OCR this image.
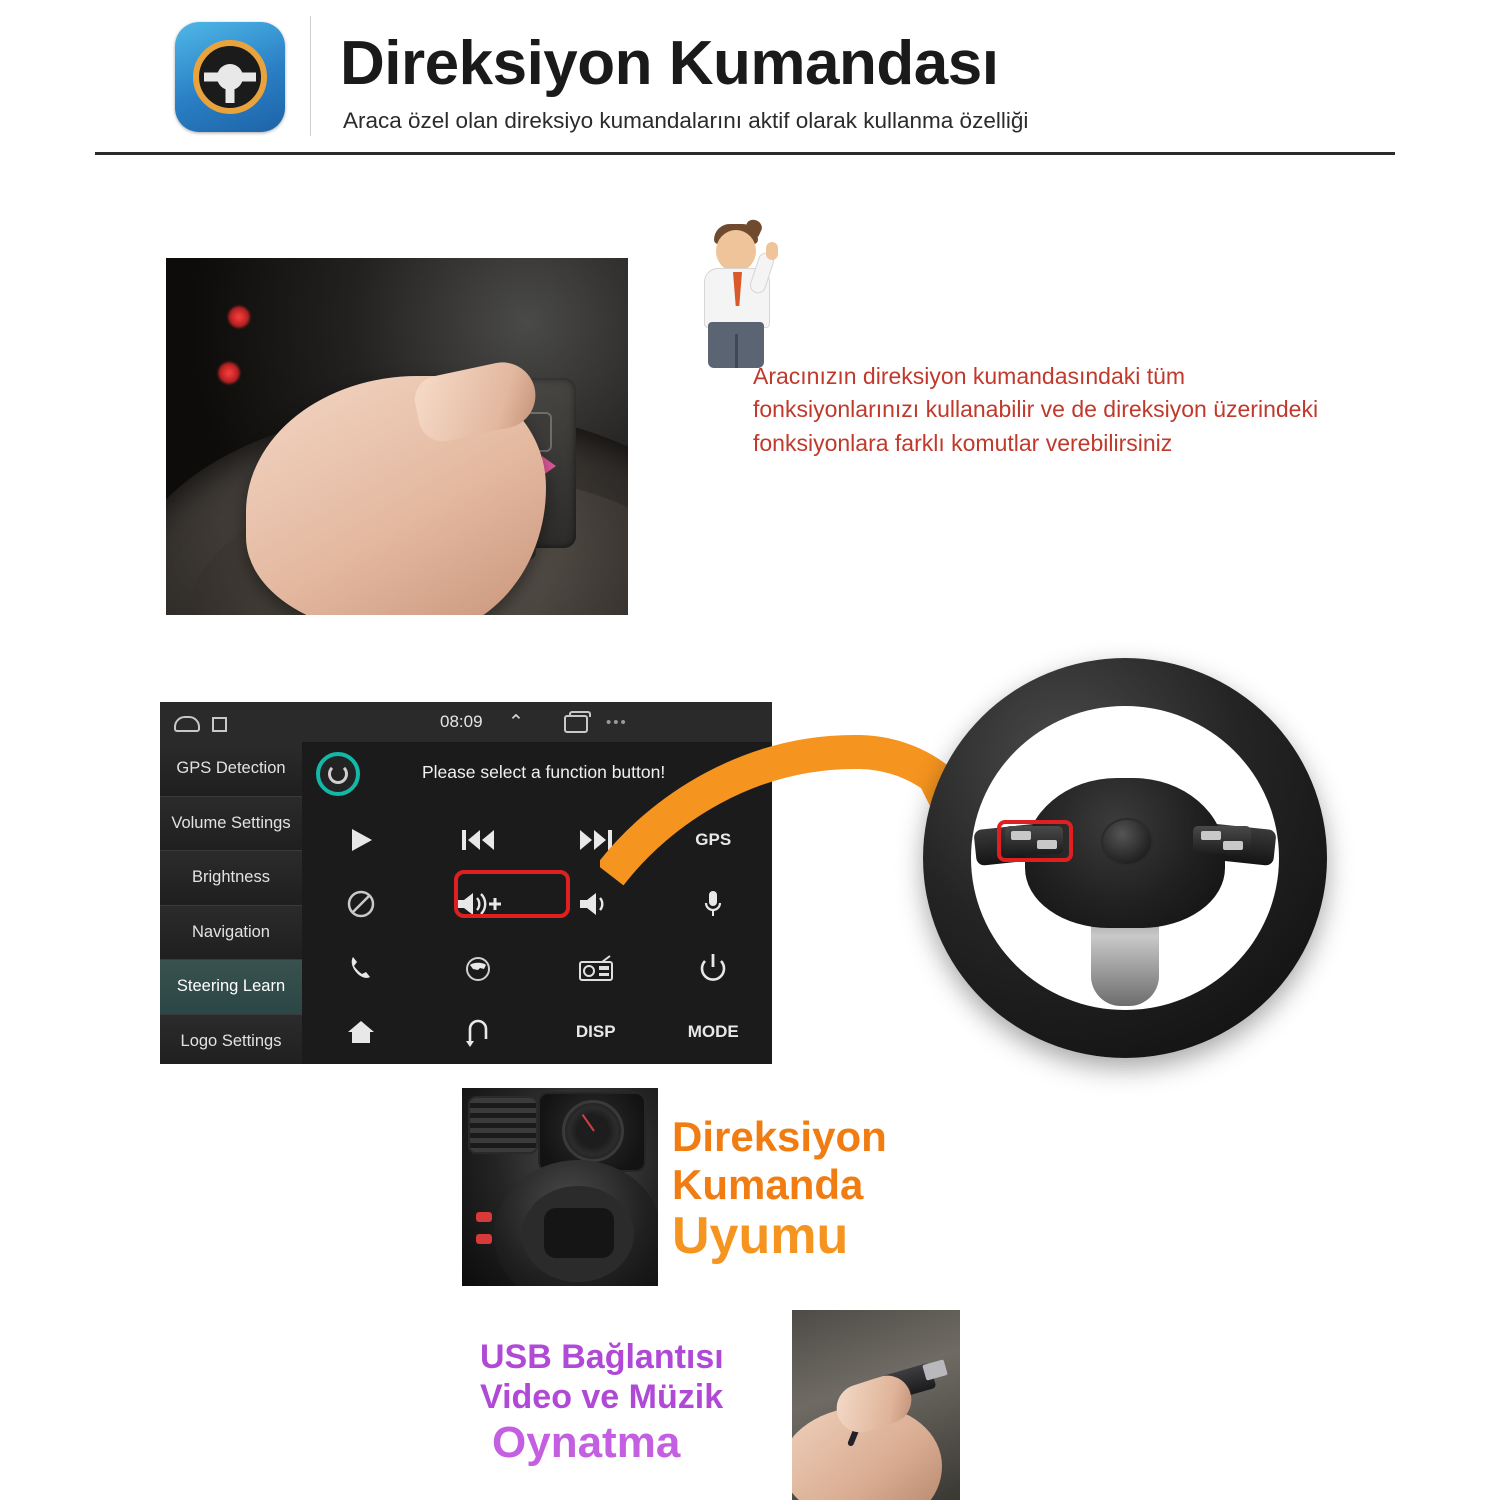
Direksiyon Kumandası
Araca özel olan direksiyo kumandalarını aktif olarak kullanma özelliği
Aracınızın direksiyon kumandasındaki tüm fonksiyonlarınızı kullanabilir ve de direksiyon üzerindeki fonksiyonlara farklı komutlar verebilirsiniz
08:09 ⌃	•••
GPS Detection
Volume Settings
Brightness
Navigation
Steering Learn
Logo Settings
Please select a function button!
GPS
DISP	MODE
Direksiyon
Kumanda
Uyumu
USB Bağlantısı
Video ve Müzik
Oynatma
